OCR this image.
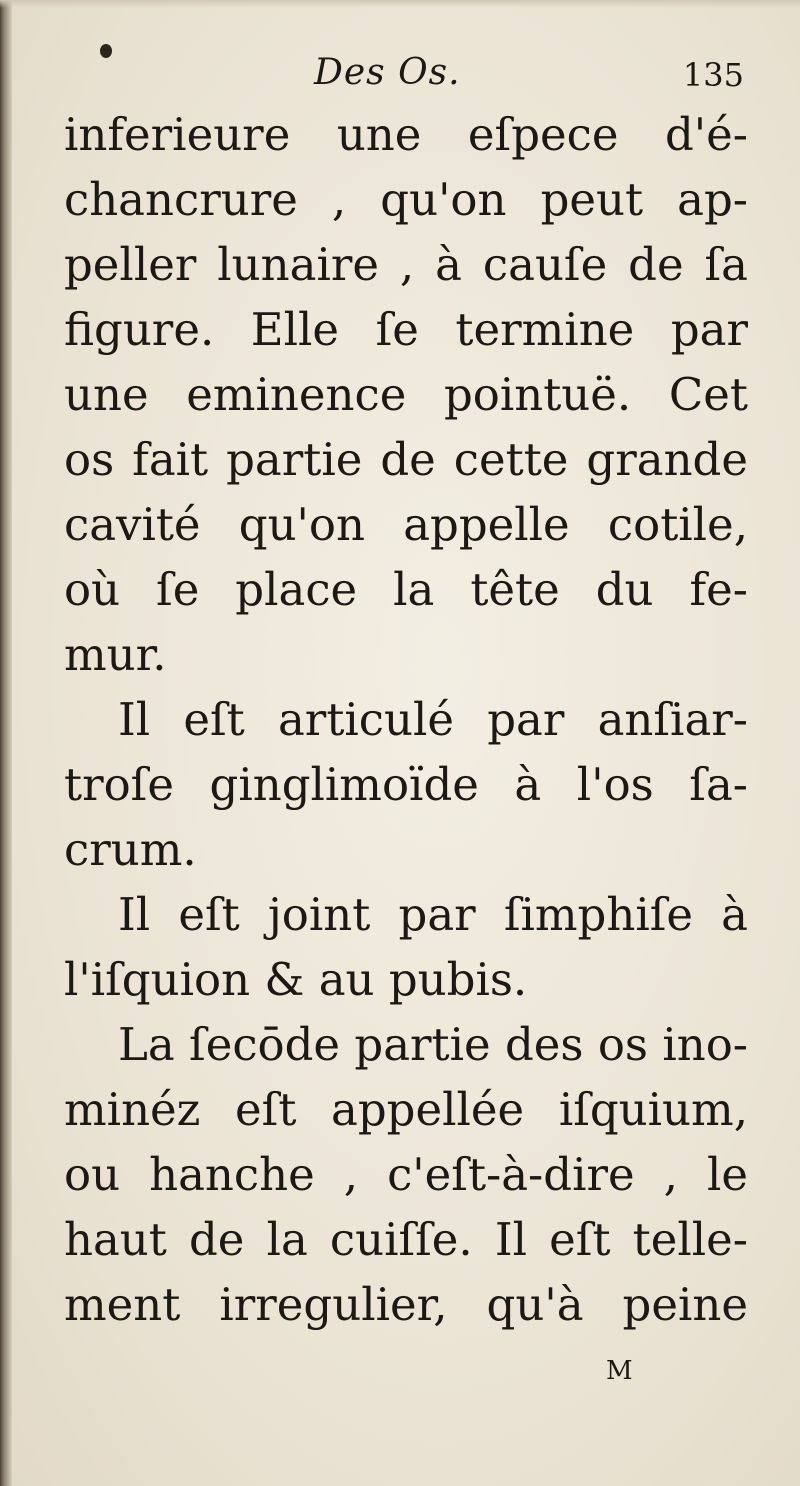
Des Os.	135
inferieure une eſpece d'é-
chancrure , qu'on peut ap-
peller lunaire , à cauſe de ſa
figure. Elle ſe termine par
une eminence pointuë. Cet
os fait partie de cette grande
cavité qu'on appelle cotile,
où ſe place la tête du fe-
mur.
Il eſt articulé par anſiar-
troſe ginglimoïde à l'os ſa-
crum.
Il eſt joint par ſimphiſe à
l'iſquion & au pubis.
La ſecōde partie des os ino-
minéz eſt appellée iſquium,
ou hanche , c'eſt-à-dire , le
haut de la cuiſſe. Il eſt telle-
ment irregulier, qu'à peine
M
